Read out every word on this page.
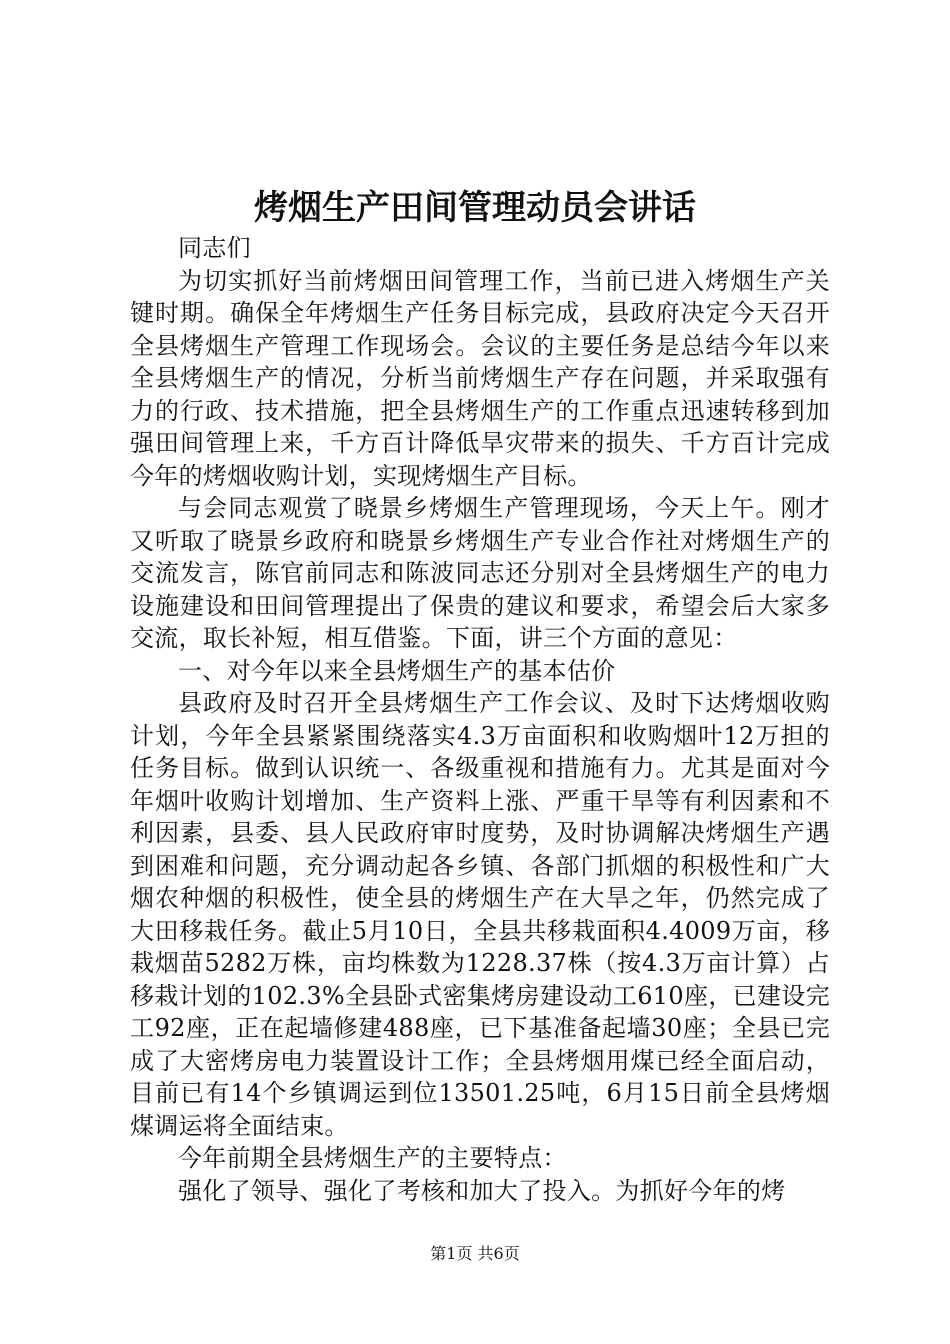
烤烟生产田间管理动员会讲话

同志们

为切实抓好当前烤烟田间管理工作，当前已进入烤烟生产关键时期。确保全年烤烟生产任务目标完成，县政府决定今天召开全县烤烟生产管理工作现场会。会议的主要任务是总结今年以来全县烤烟生产的情况，分析当前烤烟生产存在问题，并采取强有力的行政、技术措施，把全县烤烟生产的工作重点迅速转移到加强田间管理上来，千方百计降低旱灾带来的损失、千方百计完成今年的烤烟收购计划，实现烤烟生产目标。

与会同志观赏了晓景乡烤烟生产管理现场，今天上午。刚才又听取了晓景乡政府和晓景乡烤烟生产专业合作社对烤烟生产的交流发言，陈官前同志和陈波同志还分别对全县烤烟生产的电力设施建设和田间管理提出了保贵的建议和要求，希望会后大家多交流，取长补短，相互借鉴。下面，讲三个方面的意见：

一、对今年以来全县烤烟生产的基本估价

县政府及时召开全县烤烟生产工作会议、及时下达烤烟收购计划，今年全县紧紧围绕落实4.3万亩面积和收购烟叶12万担的任务目标。做到认识统一、各级重视和措施有力。尤其是面对今年烟叶收购计划增加、生产资料上涨、严重干旱等有利因素和不利因素，县委、县人民政府审时度势，及时协调解决烤烟生产遇到困难和问题，充分调动起各乡镇、各部门抓烟的积极性和广大烟农种烟的积极性，使全县的烤烟生产在大旱之年，仍然完成了大田移栽任务。截止5月10日，全县共移栽面积4.4009万亩，移栽烟苗5282万株，亩均株数为1228.37株（按4.3万亩计算）占移栽计划的102.3%全县卧式密集烤房建设动工610座，已建设完工92座，正在起墙修建488座，已下基准备起墙30座；全县已完成了大密烤房电力装置设计工作；全县烤烟用煤已经全面启动，目前已有14个乡镇调运到位13501.25吨，6月15日前全县烤烟煤调运将全面结束。

今年前期全县烤烟生产的主要特点：

强化了领导、强化了考核和加大了投入。为抓好今年的烤

第1页 共6页
